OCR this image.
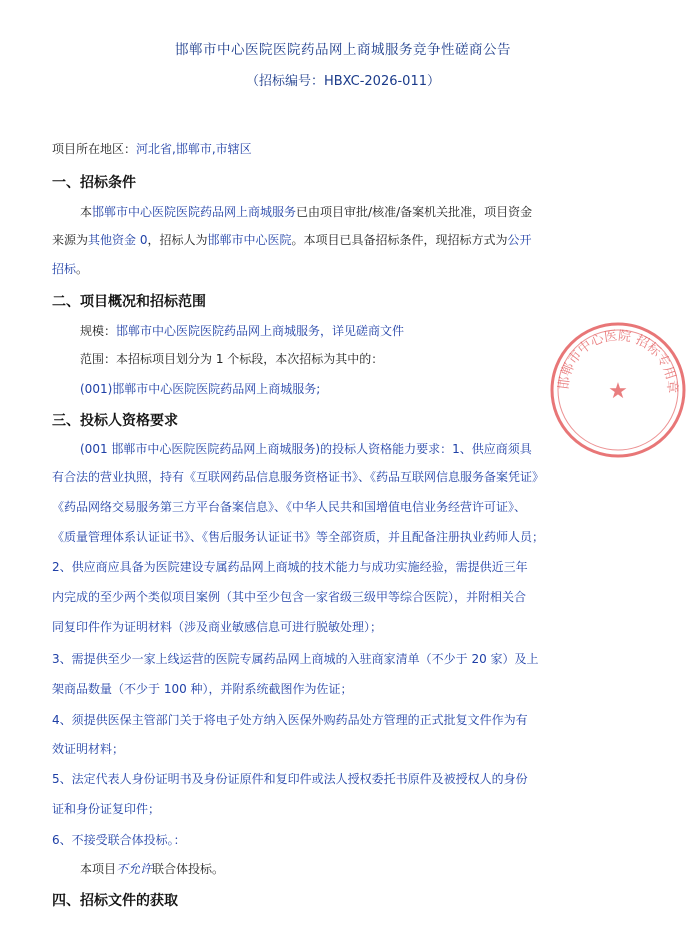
邯郸市中心医院医院药品网上商城服务竞争性磋商公告
（招标编号：HBXC-2026-011）
项目所在地区：河北省,邯郸市,市辖区
一、招标条件
本邯郸市中心医院医院药品网上商城服务已由项目审批/核准/备案机关批准，项目资金
来源为其他资金 0，招标人为邯郸市中心医院。本项目已具备招标条件，现招标方式为公开
招标。
二、项目概况和招标范围
规模：邯郸市中心医院医院药品网上商城服务，详见磋商文件
范围：本招标项目划分为 1 个标段，本次招标为其中的：
(001)邯郸市中心医院医院药品网上商城服务;
三、投标人资格要求
(001 邯郸市中心医院医院药品网上商城服务)的投标人资格能力要求：1、供应商须具
有合法的营业执照，持有《互联网药品信息服务资格证书》、《药品互联网信息服务备案凭证》
《药品网络交易服务第三方平台备案信息》、《中华人民共和国增值电信业务经营许可证》、
《质量管理体系认证证书》、《售后服务认证证书》等全部资质，并且配备注册执业药师人员；
2、供应商应具备为医院建设专属药品网上商城的技术能力与成功实施经验，需提供近三年
内完成的至少两个类似项目案例（其中至少包含一家省级三级甲等综合医院），并附相关合
同复印件作为证明材料（涉及商业敏感信息可进行脱敏处理）；
3、需提供至少一家上线运营的医院专属药品网上商城的入驻商家清单（不少于 20 家）及上
架商品数量（不少于 100 种），并附系统截图作为佐证；
4、须提供医保主管部门关于将电子处方纳入医保外购药品处方管理的正式批复文件作为有
效证明材料；
5、法定代表人身份证明书及身份证原件和复印件或法人授权委托书原件及被授权人的身份
证和身份证复印件；
6、不接受联合体投标。：
本项目不允许联合体投标。
四、招标文件的获取
邯郸市中心医院 招标专用章
★
